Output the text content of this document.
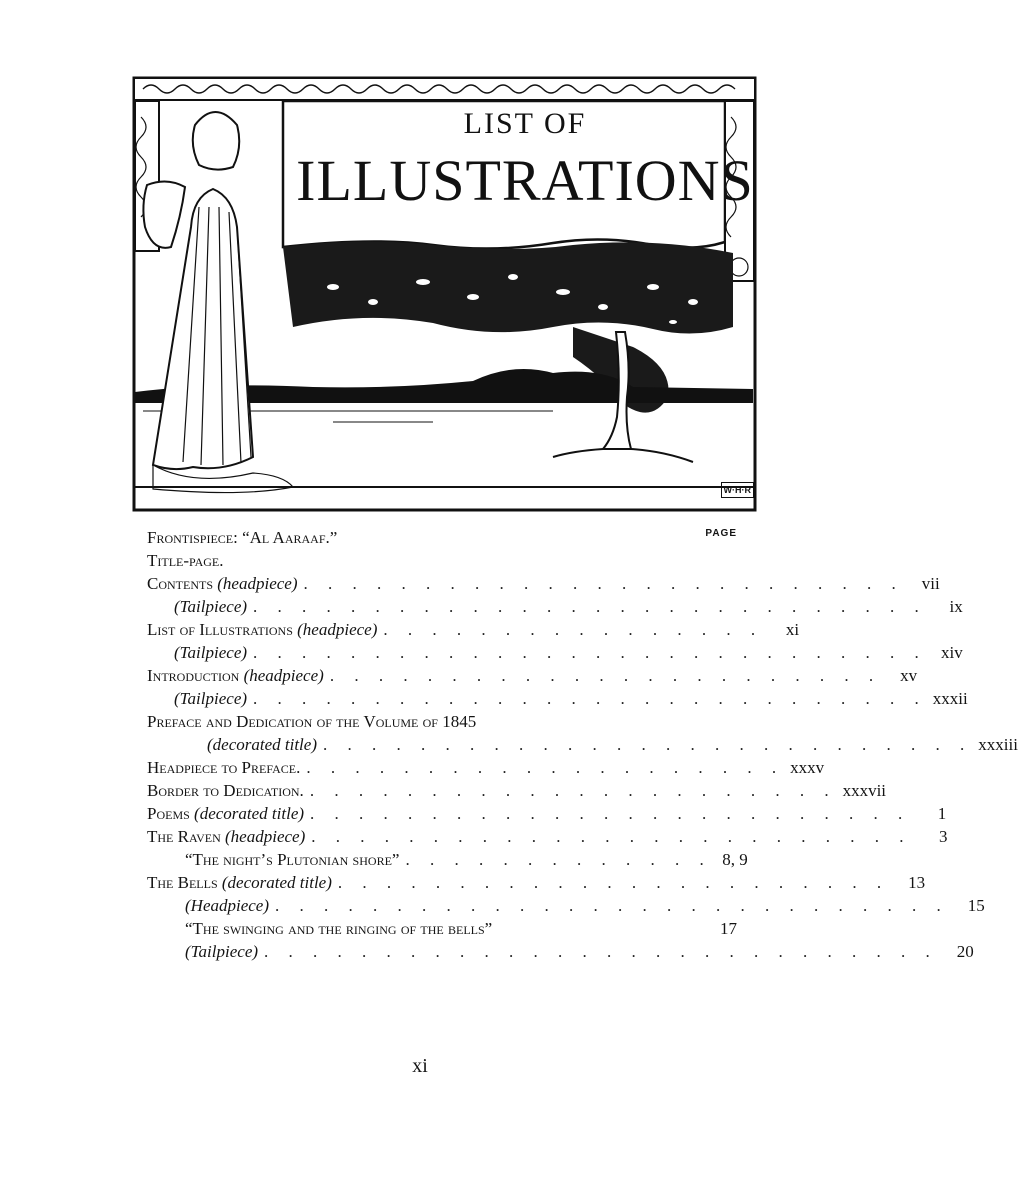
LIST OF
ILLUSTRATIONS
W·H·R
PAGE
Frontispiece: “Al Aaraaf.”
Title-page.
Contents (headpiece) . . . . . . . . . . . . . . . . . . . . . . . . .	vii
(Tailpiece) . . . . . . . . . . . . . . . . . . . . . . . . . . . .	ix
List of Illustrations (headpiece) . . . . . . . . . . . . . . . .	xi
(Tailpiece) . . . . . . . . . . . . . . . . . . . . . . . . . . . . xiv
Introduction (headpiece) . . . . . . . . . . . . . . . . . . . . . . .	xv
(Tailpiece) . . . . . . . . . . . . . . . . . . . . . . . . . . . . xxxii
Preface and Dedication of the Volume of 1845
(decorated title) . . . . . . . . . . . . . . . . . . . . . . . . . . . xxxiii
Headpiece to Preface. . . . . . . . . . . . . . . . . . . . . xxxv
Border to Dedication. . . . . . . . . . . . . . . . . . . . . . . xxxvii
Poems (decorated title) . . . . . . . . . . . . . . . . . . . . . . . . .	1
The Raven (headpiece) . . . . . . . . . . . . . . . . . . . . . . . . .	3
“The night’s Plutonian shore” . . . . . . . . . . . . . 8, 9
The Bells (decorated title) . . . . . . . . . . . . . . . . . . . . . . .	13
(Headpiece) . . . . . . . . . . . . . . . . . . . . . . . . . . . .	15
“The swinging and the ringing of the bells”	17
(Tailpiece) . . . . . . . . . . . . . . . . . . . . . . . . . . . .	20
xi
